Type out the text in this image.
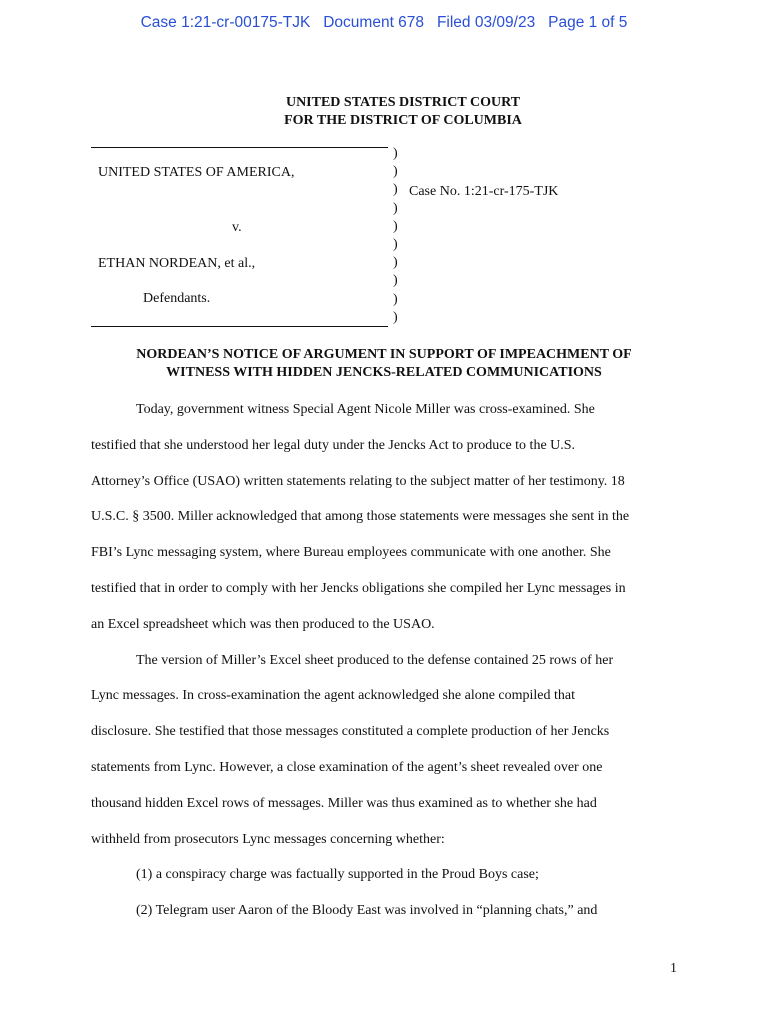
Case 1:21-cr-00175-TJK   Document 678   Filed 03/09/23   Page 1 of 5
UNITED STATES DISTRICT COURT
FOR THE DISTRICT OF COLUMBIA
)
)
)
)
)
)
)
)
)
)
UNITED STATES OF AMERICA,
Case No. 1:21-cr-175-TJK
v.
ETHAN NORDEAN, et al.,
Defendants.
NORDEAN’S NOTICE OF ARGUMENT IN SUPPORT OF IMPEACHMENT OF
WITNESS WITH HIDDEN JENCKS-RELATED COMMUNICATIONS
Today, government witness Special Agent Nicole Miller was cross-examined. She
testified that she understood her legal duty under the Jencks Act to produce to the U.S.
Attorney’s Office (USAO) written statements relating to the subject matter of her testimony. 18
U.S.C. § 3500. Miller acknowledged that among those statements were messages she sent in the
FBI’s Lync messaging system, where Bureau employees communicate with one another. She
testified that in order to comply with her Jencks obligations she compiled her Lync messages in
an Excel spreadsheet which was then produced to the USAO.
The version of Miller’s Excel sheet produced to the defense contained 25 rows of her
Lync messages. In cross-examination the agent acknowledged she alone compiled that
disclosure. She testified that those messages constituted a complete production of her Jencks
statements from Lync. However, a close examination of the agent’s sheet revealed over one
thousand hidden Excel rows of messages. Miller was thus examined as to whether she had
withheld from prosecutors Lync messages concerning whether:
(1) a conspiracy charge was factually supported in the Proud Boys case;
(2) Telegram user Aaron of the Bloody East was involved in “planning chats,” and
1
